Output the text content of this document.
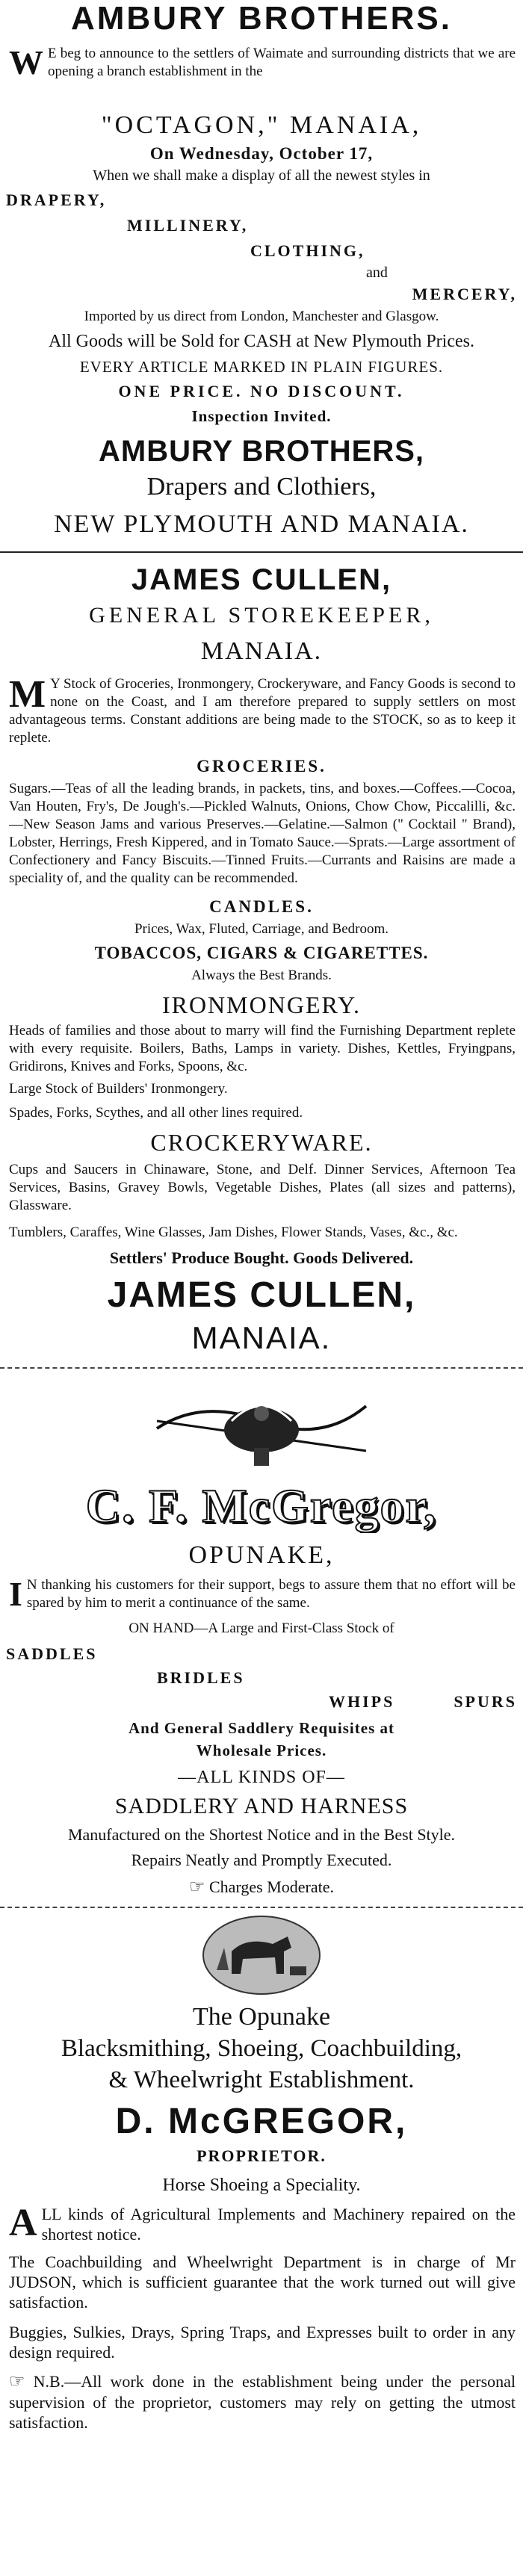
AMBURY BROTHERS.
W E beg to announce to the settlers of Waimate and surrounding districts that we are opening a branch establishment in the
"OCTAGON," MANAIA,
On Wednesday, October 17,
When we shall make a display of all the newest styles in
DRAPERY,
MILLINERY,
CLOTHING,
and
MERCERY,
Imported by us direct from London, Manchester and Glasgow.
All Goods will be Sold for CASH at New Plymouth Prices.
EVERY ARTICLE MARKED IN PLAIN FIGURES.
ONE PRICE. NO DISCOUNT.
Inspection Invited.
AMBURY BROTHERS,
Drapers and Clothiers,
NEW PLYMOUTH AND MANAIA.
JAMES CULLEN,
GENERAL STOREKEEPER,
MANAIA.
M Y Stock of Groceries, Ironmongery, Crockeryware, and Fancy Goods is second to none on the Coast, and I am therefore prepared to supply settlers on most advantageous terms. Constant additions are being made to the STOCK, so as to keep it replete.
GROCERIES.
Sugars.—Teas of all the leading brands, in packets, tins, and boxes.—Coffees.—Cocoa, Van Houten, Fry's, De Jough's.—Pickled Walnuts, Onions, Chow Chow, Piccalilli, &c.—New Season Jams and various Preserves.—Gelatine.—Salmon (" Cocktail " Brand), Lobster, Herrings, Fresh Kippered, and in Tomato Sauce.—Sprats.—Large assortment of Confectionery and Fancy Biscuits.—Tinned Fruits.—Currants and Raisins are made a speciality of, and the quality can be recommended.
CANDLES.
Prices, Wax, Fluted, Carriage, and Bedroom.
TOBACCOS, CIGARS & CIGARETTES.
Always the Best Brands.
IRONMONGERY.
Heads of families and those about to marry will find the Furnishing Department replete with every requisite. Boilers, Baths, Lamps in variety. Dishes, Kettles, Fryingpans, Gridirons, Knives and Forks, Spoons, &c.
Large Stock of Builders' Ironmongery.
Spades, Forks, Scythes, and all other lines required.
CROCKERYWARE.
Cups and Saucers in Chinaware, Stone, and Delf. Dinner Services, Afternoon Tea Services, Basins, Gravey Bowls, Vegetable Dishes, Plates (all sizes and patterns), Glassware.
Tumblers, Caraffes, Wine Glasses, Jam Dishes, Flower Stands, Vases, &c., &c.
Settlers' Produce Bought. Goods Delivered.
JAMES CULLEN,
MANAIA.
C. F. McGregor,
OPUNAKE,
I N thanking his customers for their support, begs to assure them that no effort will be spared by him to merit a continuance of the same.
ON HAND—A Large and First-Class Stock of
SADDLES
BRIDLES
WHIPS	SPURS
And General Saddlery Requisites at
Wholesale Prices.
—ALL KINDS OF—
SADDLERY AND HARNESS
Manufactured on the Shortest Notice and in the Best Style.
Repairs Neatly and Promptly Executed.
☞ Charges Moderate.
The Opunake
Blacksmithing, Shoeing, Coachbuilding,
& Wheelwright Establishment.
D. McGREGOR,
PROPRIETOR.
Horse Shoeing a Speciality.
A LL kinds of Agricultural Implements and Machinery repaired on the shortest notice.
The Coachbuilding and Wheelwright Department is in charge of Mr JUDSON, which is sufficient guarantee that the work turned out will give satisfaction.
Buggies, Sulkies, Drays, Spring Traps, and Expresses built to order in any design required.
☞ N.B.—All work done in the establishment being under the personal supervision of the proprietor, customers may rely on getting the utmost satisfaction.
